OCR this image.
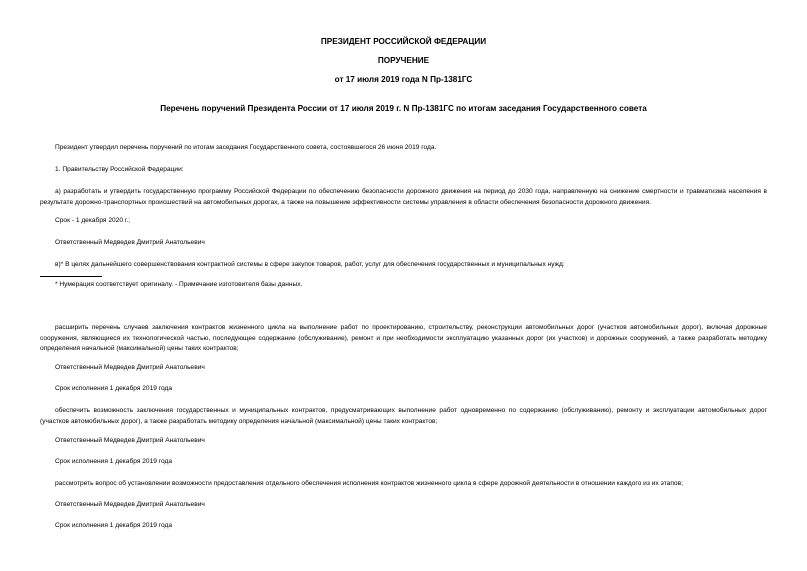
ПРЕЗИДЕНТ РОССИЙСКОЙ ФЕДЕРАЦИИ
ПОРУЧЕНИЕ
от 17 июля 2019 года N Пр-1381ГС
Перечень поручений Президента России от 17 июля 2019 г. N Пр-1381ГС по итогам заседания Государственного совета
Президент утвердил перечень поручений по итогам заседания Государственного совета, состоявшегося 26 июня 2019 года.
1. Правительству Российской Федерации:
а) разработать и утвердить государственную программу Российской Федерации по обеспечению безопасности дорожного движения на период до 2030 года, направленную на снижение смертности и травматизма населения в результате дорожно-транспортных происшествий на автомобильных дорогах, а также на повышение эффективности системы управления в области обеспечения безопасности дорожного движения.
Срок - 1 декабря 2020 г.;
Ответственный Медведев Дмитрий Анатольевич
в)* В целях дальнейшего совершенствования контрактной системы в сфере закупок товаров, работ, услуг для обеспечения государственных и муниципальных нужд:
* Нумерация соответствует оригиналу. - Примечание изготовителя базы данных.
расширить перечень случаев заключения контрактов жизненного цикла на выполнение работ по проектированию, строительству, реконструкции автомобильных дорог (участков автомобильных дорог), включая дорожные сооружения, являющиеся их технологической частью, последующее содержание (обслуживание), ремонт и при необходимости эксплуатацию указанных дорог (их участков) и дорожных сооружений, а также разработать методику определения начальной (максимальной) цены таких контрактов;
Ответственный Медведев Дмитрий Анатольевич
Срок исполнения 1 декабря 2019 года
обеспечить возможность заключения государственных и муниципальных контрактов, предусматривающих выполнение работ одновременно по содержанию (обслуживанию), ремонту и эксплуатации автомобильных дорог (участков автомобильных дорог), а также разработать методику определения начальной (максимальной) цены таких контрактов;
Ответственный Медведев Дмитрий Анатольевич
Срок исполнения 1 декабря 2019 года
рассмотреть вопрос об установлении возможности предоставления отдельного обеспечения исполнения контрактов жизненного цикла в сфере дорожной деятельности в отношении каждого из их этапов;
Ответственный Медведев Дмитрий Анатольевич
Срок исполнения 1 декабря 2019 года
